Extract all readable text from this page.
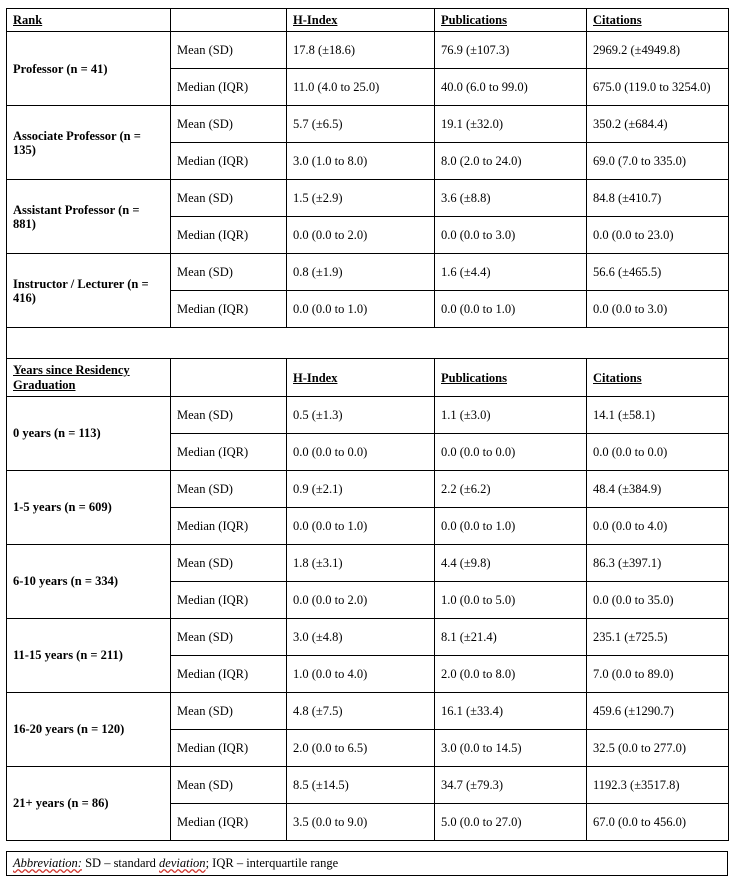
Rank		H-Index	Publications	Citations
Professor (n = 41)	Mean (SD)	17.8 (±18.6)	76.9 (±107.3)	2969.2 (±4949.8)
	Median (IQR)	11.0 (4.0 to 25.0)	40.0 (6.0 to 99.0)	675.0 (119.0 to 3254.0)
Associate Professor (n = 135)	Mean (SD)	5.7 (±6.5)	19.1 (±32.0)	350.2 (±684.4)
	Median (IQR)	3.0 (1.0 to 8.0)	8.0 (2.0 to 24.0)	69.0 (7.0 to 335.0)
Assistant Professor (n = 881)	Mean (SD)	1.5 (±2.9)	3.6 (±8.8)	84.8 (±410.7)
	Median (IQR)	0.0 (0.0 to 2.0)	0.0 (0.0 to 3.0)	0.0 (0.0 to 23.0)
Instructor / Lecturer (n = 416)	Mean (SD)	0.8 (±1.9)	1.6 (±4.4)	56.6 (±465.5)
	Median (IQR)	0.0 (0.0 to 1.0)	0.0 (0.0 to 1.0)	0.0 (0.0 to 3.0)

Years since Residency Graduation		H-Index	Publications	Citations
0 years (n = 113)	Mean (SD)	0.5 (±1.3)	1.1 (±3.0)	14.1 (±58.1)
	Median (IQR)	0.0 (0.0 to 0.0)	0.0 (0.0 to 0.0)	0.0 (0.0 to 0.0)
1-5 years (n = 609)	Mean (SD)	0.9 (±2.1)	2.2 (±6.2)	48.4 (±384.9)
	Median (IQR)	0.0 (0.0 to 1.0)	0.0 (0.0 to 1.0)	0.0 (0.0 to 4.0)
6-10 years (n = 334)	Mean (SD)	1.8 (±3.1)	4.4 (±9.8)	86.3 (±397.1)
	Median (IQR)	0.0 (0.0 to 2.0)	1.0 (0.0 to 5.0)	0.0 (0.0 to 35.0)
11-15 years (n = 211)	Mean (SD)	3.0 (±4.8)	8.1 (±21.4)	235.1 (±725.5)
	Median (IQR)	1.0 (0.0 to 4.0)	2.0 (0.0 to 8.0)	7.0 (0.0 to 89.0)
16-20 years (n = 120)	Mean (SD)	4.8 (±7.5)	16.1 (±33.4)	459.6 (±1290.7)
	Median (IQR)	2.0 (0.0 to 6.5)	3.0 (0.0 to 14.5)	32.5 (0.0 to 277.0)
21+ years (n = 86)	Mean (SD)	8.5 (±14.5)	34.7 (±79.3)	1192.3 (±3517.8)
	Median (IQR)	3.5 (0.0 to 9.0)	5.0 (0.0 to 27.0)	67.0 (0.0 to 456.0)

Abbreviation: SD – standard deviation; IQR – interquartile range
